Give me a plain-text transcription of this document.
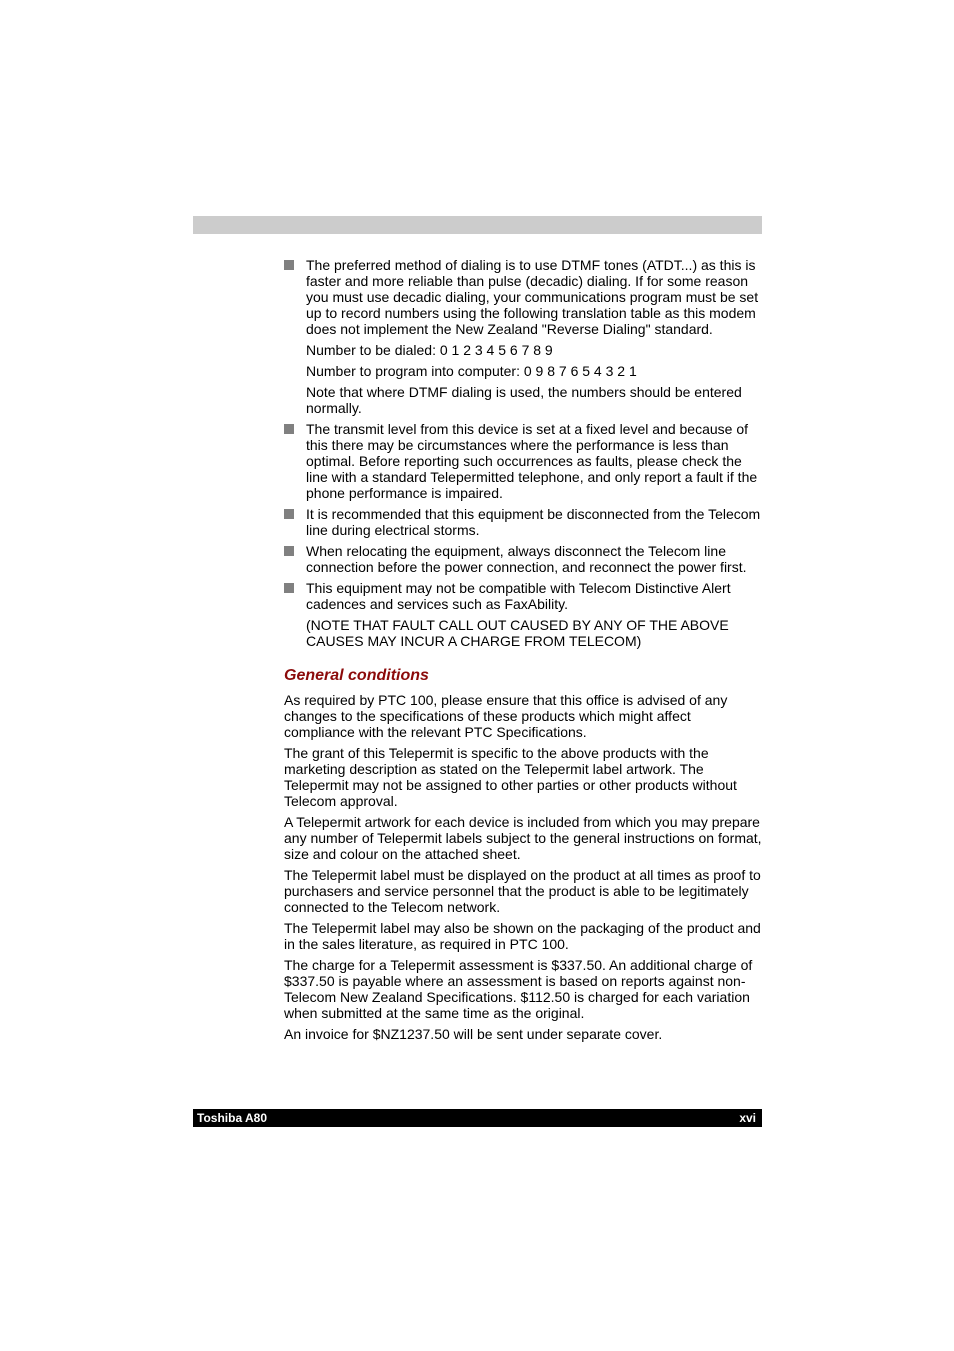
The preferred method of dialing is to use DTMF tones (ATDT...) as this is faster and more reliable than pulse (decadic) dialing. If for some reason you must use decadic dialing, your communications program must be set up to record numbers using the following translation table as this modem does not implement the New Zealand "Reverse Dialing" standard.

Number to be dialed: 0 1 2 3 4 5 6 7 8 9

Number to program into computer: 0 9 8 7 6 5 4 3 2 1

Note that where DTMF dialing is used, the numbers should be entered normally.

The transmit level from this device is set at a fixed level and because of this there may be circumstances where the performance is less than optimal. Before reporting such occurrences as faults, please check the line with a standard Telepermitted telephone, and only report a fault if the phone performance is impaired.

It is recommended that this equipment be disconnected from the Telecom line during electrical storms.

When relocating the equipment, always disconnect the Telecom line connection before the power connection, and reconnect the power first.

This equipment may not be compatible with Telecom Distinctive Alert cadences and services such as FaxAbility.

(NOTE THAT FAULT CALL OUT CAUSED BY ANY OF THE ABOVE CAUSES MAY INCUR A CHARGE FROM TELECOM)

General conditions

As required by PTC 100, please ensure that this office is advised of any changes to the specifications of these products which might affect compliance with the relevant PTC Specifications.

The grant of this Telepermit is specific to the above products with the marketing description as stated on the Telepermit label artwork. The Telepermit may not be assigned to other parties or other products without Telecom approval.

A Telepermit artwork for each device is included from which you may prepare any number of Telepermit labels subject to the general instructions on format, size and colour on the attached sheet.

The Telepermit label must be displayed on the product at all times as proof to purchasers and service personnel that the product is able to be legitimately connected to the Telecom network.

The Telepermit label may also be shown on the packaging of the product and in the sales literature, as required in PTC 100.

The charge for a Telepermit assessment is $337.50. An additional charge of $337.50 is payable where an assessment is based on reports against non-Telecom New Zealand Specifications. $112.50 is charged for each variation when submitted at the same time as the original.

An invoice for $NZ1237.50 will be sent under separate cover.

Toshiba A80	xvi
